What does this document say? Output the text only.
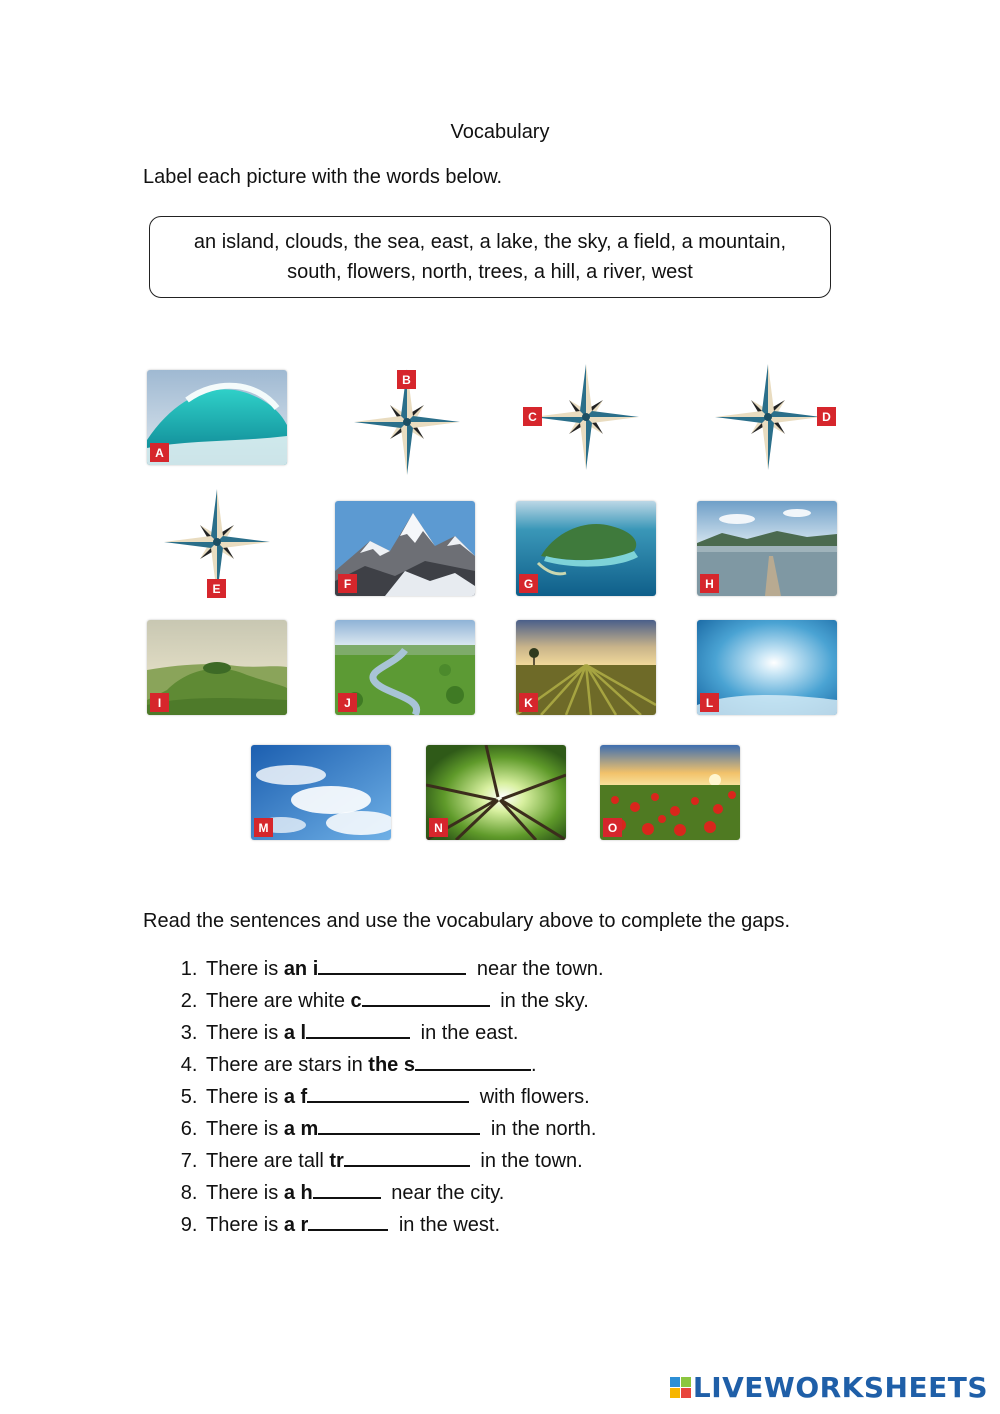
Vocabulary
Label each picture with the words below.
an island, clouds, the sea, east, a lake, the sky, a field, a mountain,
south, flowers, north, trees, a hill, a river, west
A
B
C	D
E	F	G	H
I	J	K	L
M	N	O
Read the sentences and use the vocabulary above to complete the gaps.
1. There is an i	near the town.
2. There are white c	in the sky.
3. There is a l	in the east.
4. There are stars in the s	.
5. There is a f	with flowers.
6. There is a m	in the north.
7. There are tall tr	in the town.
8. There is a h	near the city.
9. There is a r	in the west.
LIVEWORKSHEETS
